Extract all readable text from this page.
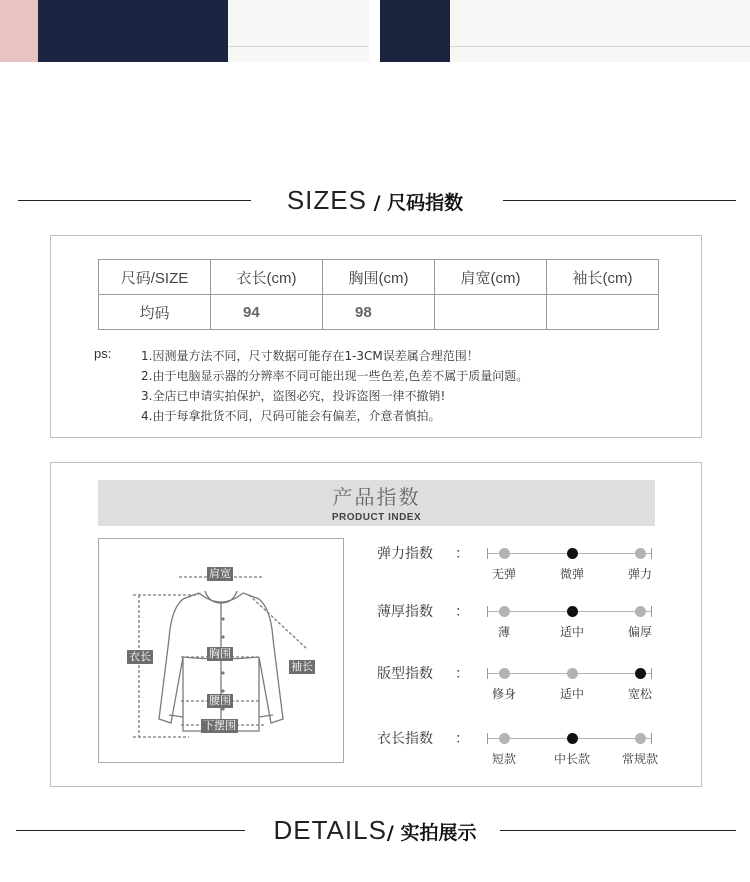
SIZES / 尺码指数
尺码/SIZE	衣长(cm)	胸围(cm)	肩宽(cm)	袖长(cm)
均码	94	98		
ps: 1.因测量方法不同，尺寸数据可能存在1-3CM误差属合理范围！
2.由于电脑显示器的分辨率不同可能出现一些色差,色差不属于质量问题。
3.全店已申请实拍保护，盗图必究，投诉盗图一律不撤销!
4.由于每拿批货不同，尺码可能会有偏差，介意者慎拍。
产品指数
PRODUCT INDEX
肩宽
衣长	胸围
袖长
腰围
下摆围
弹力指数 ：
无弹	微弹	弹力
薄厚指数 ：
薄	适中	偏厚
版型指数 ：
修身	适中	宽松
衣长指数 ：
短款	中长款	常规款
DETAILS/ 实拍展示
